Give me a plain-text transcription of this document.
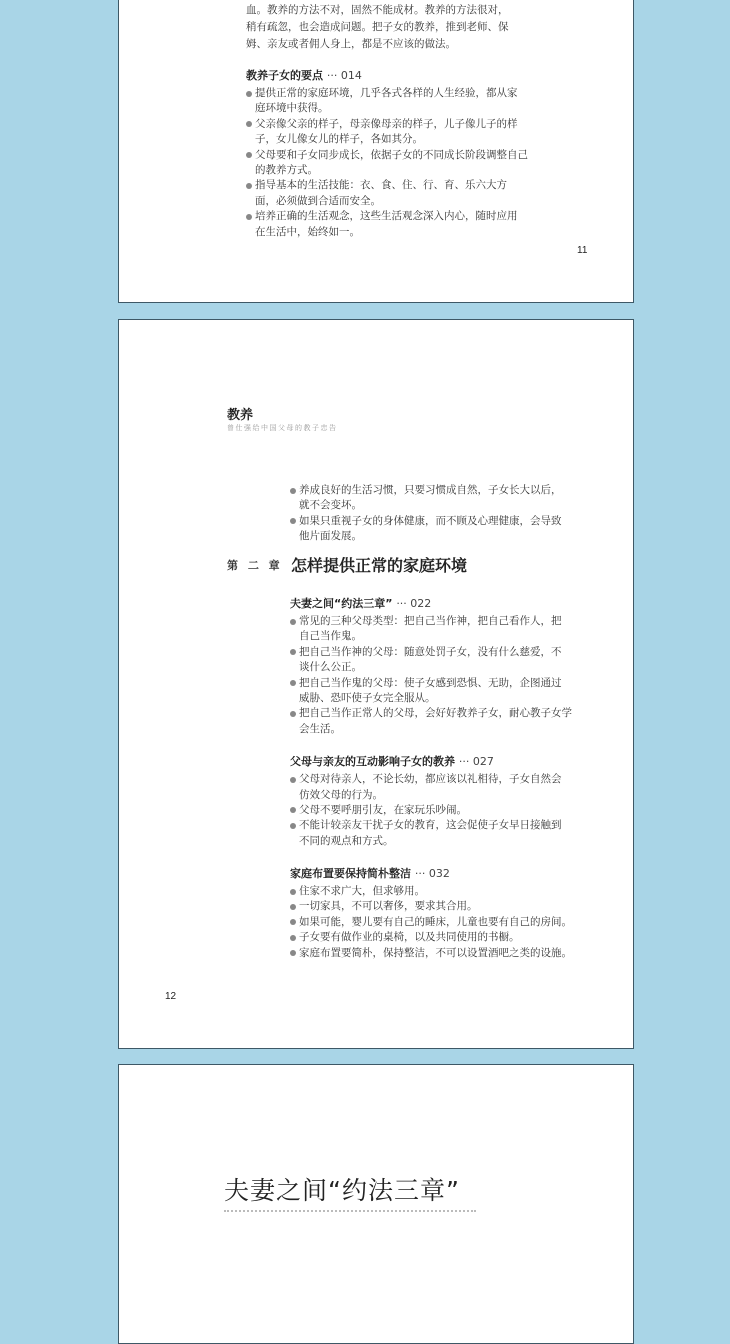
血。教养的方法不对，固然不能成材。教养的方法很对，
稍有疏忽，也会造成问题。把子女的教养，推到老师、保
姆、亲友或者佣人身上，都是不应该的做法。
教养子女的要点 ··· 014
提供正常的家庭环境，几乎各式各样的人生经验，都从家
庭环境中获得。
父亲像父亲的样子，母亲像母亲的样子，儿子像儿子的样
子，女儿像女儿的样子，各如其分。
父母要和子女同步成长，依据子女的不同成长阶段调整自己
的教养方式。
指导基本的生活技能：衣、食、住、行、育、乐六大方
面，必须做到合适而安全。
培养正确的生活观念，这些生活观念深入内心，随时应用
在生活中，始终如一。
11
教养
曾仕强给中国父母的教子忠告
养成良好的生活习惯，只要习惯成自然，子女长大以后，
就不会变坏。
如果只重视子女的身体健康，而不顾及心理健康，会导致
他片面发展。
第 二 章 怎样提供正常的家庭环境
夫妻之间“约法三章” ··· 022
常见的三种父母类型：把自己当作神，把自己看作人，把
自己当作鬼。
把自己当作神的父母：随意处罚子女，没有什么慈爱，不
谈什么公正。
把自己当作鬼的父母：使子女感到恐惧、无助，企图通过
威胁、恐吓使子女完全服从。
把自己当作正常人的父母，会好好教养子女，耐心教子女学
会生活。
父母与亲友的互动影响子女的教养 ··· 027
父母对待亲人，不论长幼，都应该以礼相待，子女自然会
仿效父母的行为。
父母不要呼朋引友，在家玩乐吵闹。
不能计较亲友干扰子女的教育，这会促使子女早日接触到
不同的观点和方式。
家庭布置要保持简朴整洁 ··· 032
住家不求广大，但求够用。
一切家具，不可以奢侈，要求其合用。
如果可能，婴儿要有自己的睡床，儿童也要有自己的房间。
子女要有做作业的桌椅，以及共同使用的书橱。
家庭布置要简朴，保持整洁，不可以设置酒吧之类的设施。
12
夫妻之间“约法三章”
